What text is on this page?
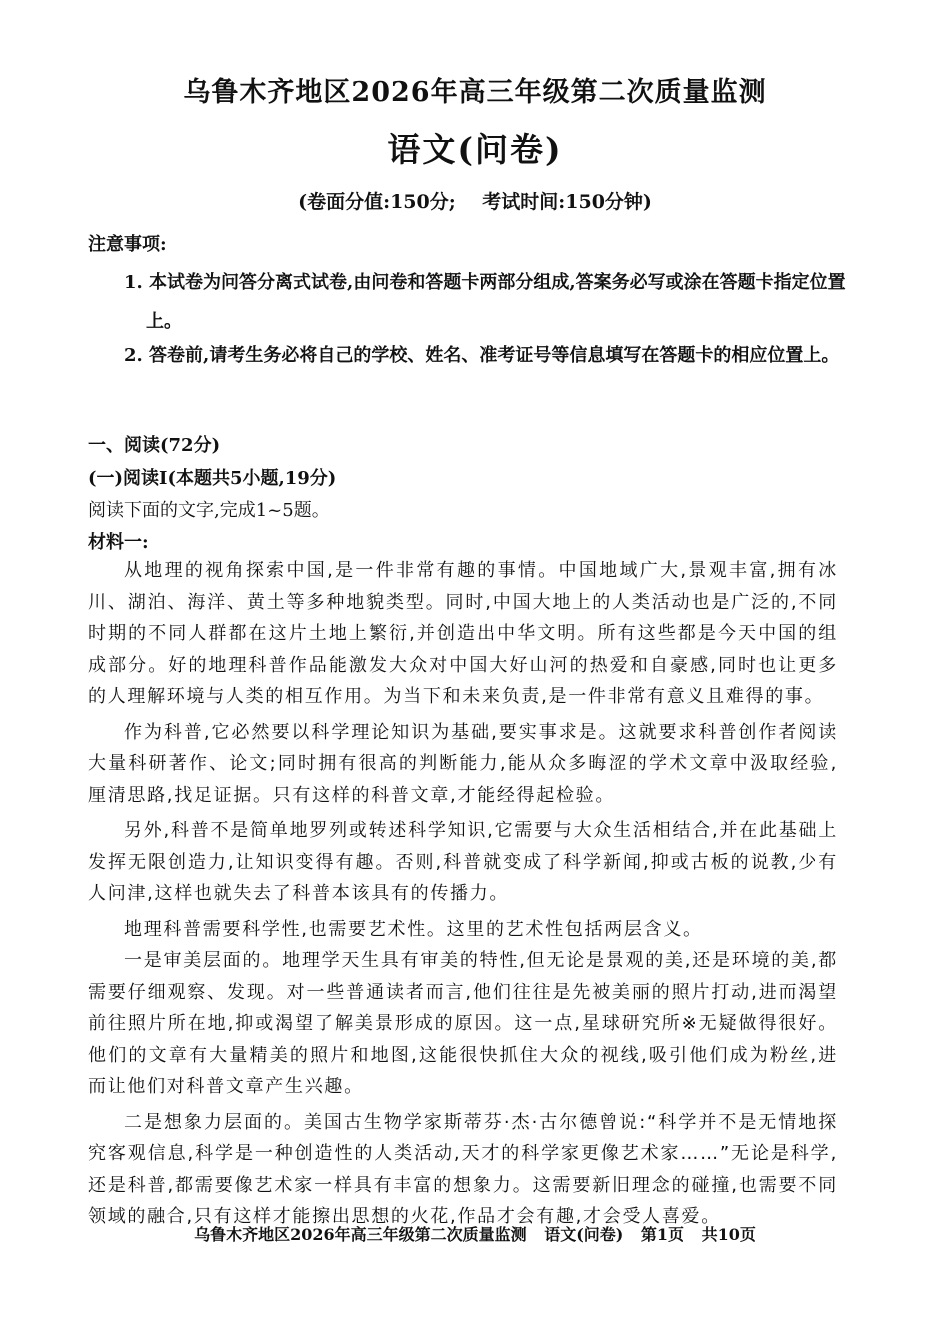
乌鲁木齐地区2026年高三年级第二次质量监测
语文(问卷)
(卷面分值:150分; 考试时间:150分钟)
注意事项:
1. 本试卷为问答分离式试卷,由问卷和答题卡两部分组成,答案务必写或涂在答题卡指定位置上。
2. 答卷前,请考生务必将自己的学校、姓名、准考证号等信息填写在答题卡的相应位置上。
一、阅读(72分)
(一)阅读I(本题共5小题,19分)
阅读下面的文字,完成1~5题。
材料一:

从地理的视角探索中国,是一件非常有趣的事情。中国地域广大,景观丰富,拥有冰川、湖泊、海洋、黄土等多种地貌类型。同时,中国大地上的人类活动也是广泛的,不同时期的不同人群都在这片土地上繁衍,并创造出中华文明。所有这些都是今天中国的组成部分。好的地理科普作品能激发大众对中国大好山河的热爱和自豪感,同时也让更多的人理解环境与人类的相互作用。为当下和未来负责,是一件非常有意义且难得的事。

作为科普,它必然要以科学理论知识为基础,要实事求是。这就要求科普创作者阅读大量科研著作、论文;同时拥有很高的判断能力,能从众多晦涩的学术文章中汲取经验,厘清思路,找足证据。只有这样的科普文章,才能经得起检验。

另外,科普不是简单地罗列或转述科学知识,它需要与大众生活相结合,并在此基础上发挥无限创造力,让知识变得有趣。否则,科普就变成了科学新闻,抑或古板的说教,少有人问津,这样也就失去了科普本该具有的传播力。

地理科普需要科学性,也需要艺术性。这里的艺术性包括两层含义。

一是审美层面的。地理学天生具有审美的特性,但无论是景观的美,还是环境的美,都需要仔细观察、发现。对一些普通读者而言,他们往往是先被美丽的照片打动,进而渴望前往照片所在地,抑或渴望了解美景形成的原因。这一点,星球研究所※无疑做得很好。他们的文章有大量精美的照片和地图,这能很快抓住大众的视线,吸引他们成为粉丝,进而让他们对科普文章产生兴趣。

二是想象力层面的。美国古生物学家斯蒂芬·杰·古尔德曾说:“科学并不是无情地探究客观信息,科学是一种创造性的人类活动,天才的科学家更像艺术家……”无论是科学,还是科普,都需要像艺术家一样具有丰富的想象力。这需要新旧理念的碰撞,也需要不同领域的融合,只有这样才能擦出思想的火花,作品才会有趣,才会受人喜爱。

乌鲁木齐地区2026年高三年级第二次质量监测 语文(问卷) 第1页 共10页
